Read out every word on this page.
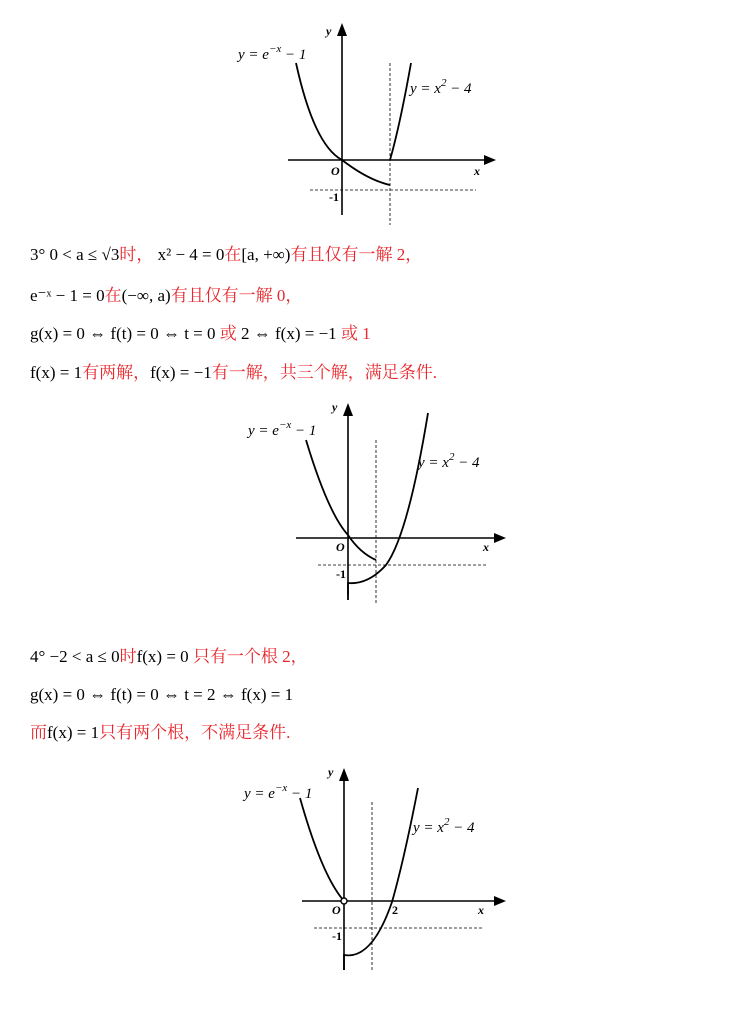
$y = e^{-x} - 1$
$y = x^2 - 4$
y
x
O
-1
3° 0 < a ≤ √3时， x² − 4 = 0在[a, +∞)有且仅有一解 2，
e⁻ˣ − 1 = 0在(−∞, a)有且仅有一解 0，
g(x) = 0 ⇔ f(t) = 0 ⇔ t = 0 或 2 ⇔ f(x) = −1 或 1
f(x) = 1有两解，f(x) = −1有一解，共三个解，满足条件.
$y = e^{-x} - 1$
$y = x^2 - 4$
y
x
O
-1
4° −2 < a ≤ 0时f(x) = 0 只有一个根 2，
g(x) = 0 ⇔ f(t) = 0 ⇔ t = 2 ⇔ f(x) = 1
而f(x) = 1只有两个根，不满足条件.
$y = e^{-x} - 1$
$y = x^2 - 4$
y
x
O	2
-1
